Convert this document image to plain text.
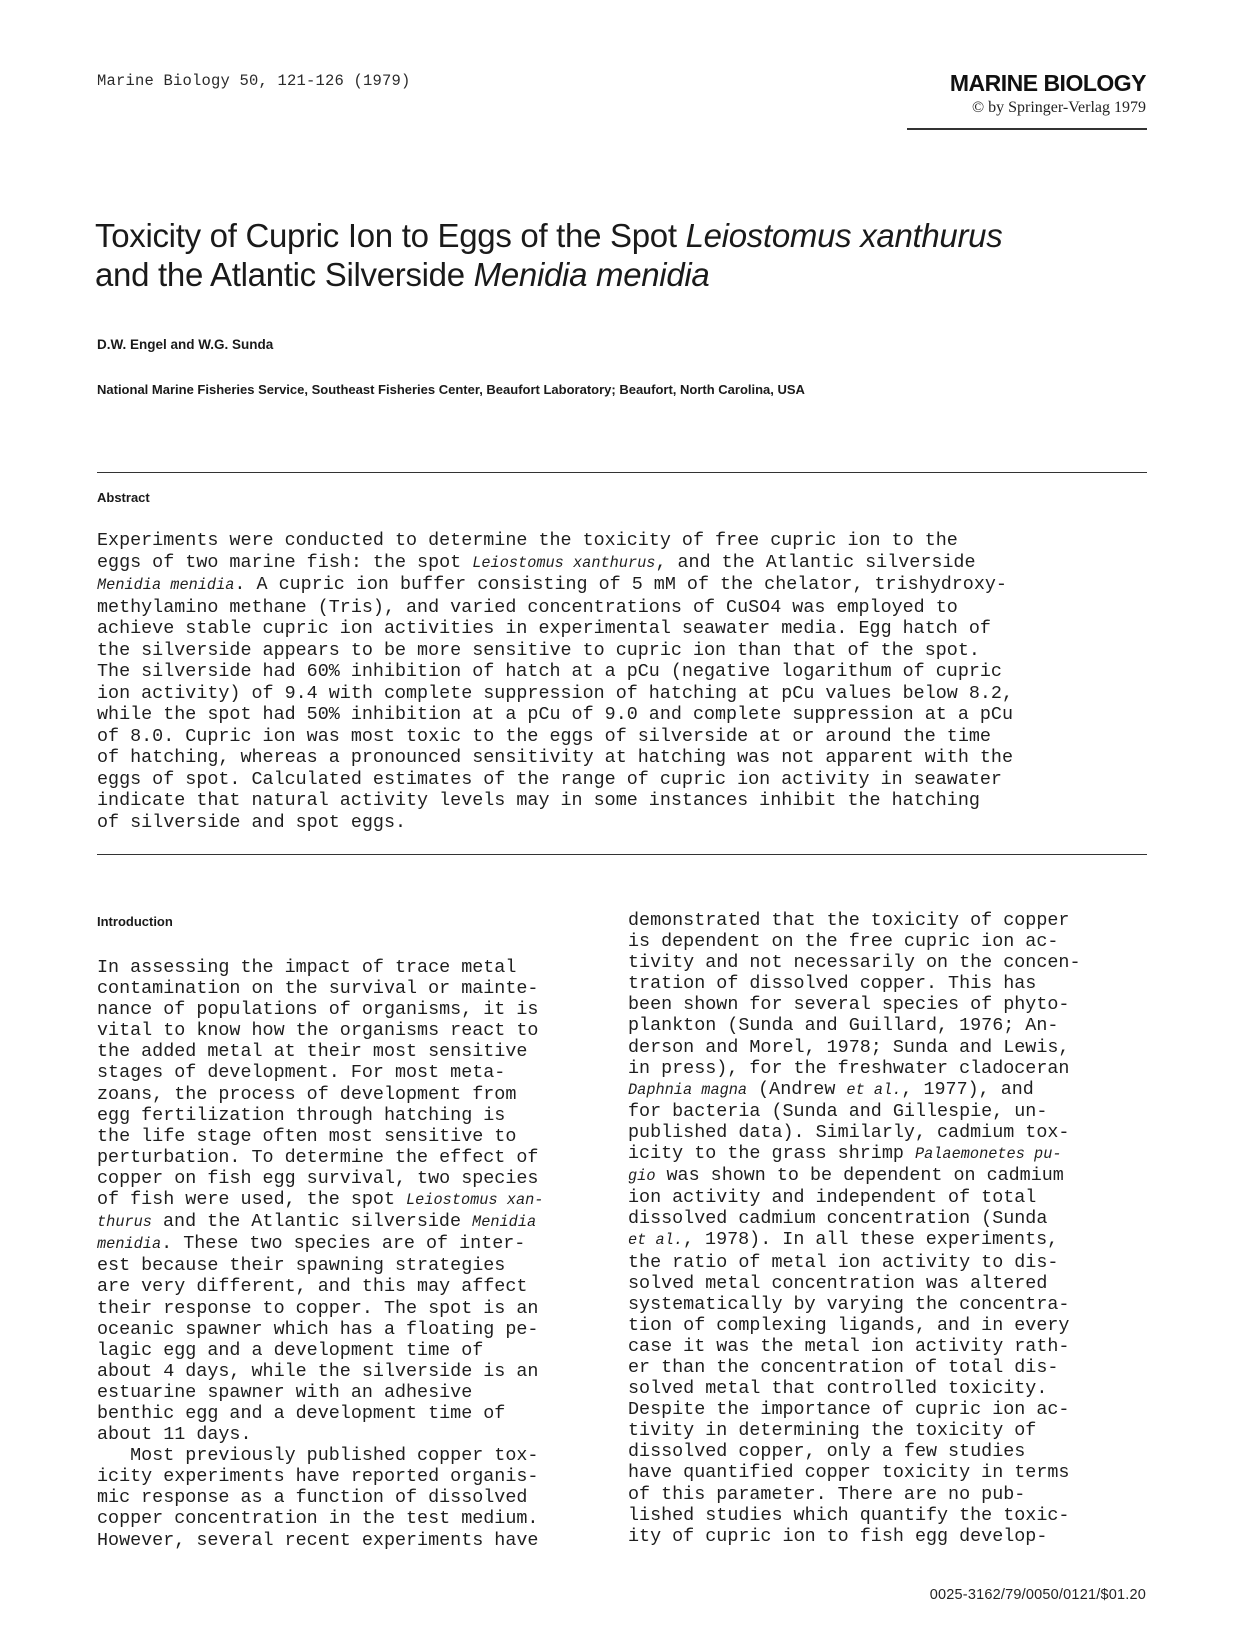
Marine Biology 50, 121-126 (1979)	MARINE BIOLOGY
© by Springer-Verlag 1979
Toxicity of Cupric Ion to Eggs of the Spot Leiostomus xanthurus
and the Atlantic Silverside Menidia menidia
D.W. Engel and W.G. Sunda
National Marine Fisheries Service, Southeast Fisheries Center, Beaufort Laboratory; Beaufort, North Carolina, USA
Abstract
Experiments were conducted to determine the toxicity of free cupric ion to the
eggs of two marine fish: the spot Leiostomus xanthurus, and the Atlantic silverside
Menidia menidia. A cupric ion buffer consisting of 5 mM of the chelator, trishydroxy-
methylamino methane (Tris), and varied concentrations of CuSO4 was employed to
achieve stable cupric ion activities in experimental seawater media. Egg hatch of
the silverside appears to be more sensitive to cupric ion than that of the spot.
The silverside had 60% inhibition of hatch at a pCu (negative logarithum of cupric
ion activity) of 9.4 with complete suppression of hatching at pCu values below 8.2,
while the spot had 50% inhibition at a pCu of 9.0 and complete suppression at a pCu
of 8.0. Cupric ion was most toxic to the eggs of silverside at or around the time
of hatching, whereas a pronounced sensitivity at hatching was not apparent with the
eggs of spot. Calculated estimates of the range of cupric ion activity in seawater
indicate that natural activity levels may in some instances inhibit the hatching
of silverside and spot eggs.
Introduction
In assessing the impact of trace metal
contamination on the survival or mainte-
nance of populations of organisms, it is
vital to know how the organisms react to
the added metal at their most sensitive
stages of development. For most meta-
zoans, the process of development from
egg fertilization through hatching is
the life stage often most sensitive to
perturbation. To determine the effect of
copper on fish egg survival, two species
of fish were used, the spot Leiostomus xan-
thurus and the Atlantic silverside Menidia
menidia. These two species are of inter-
est because their spawning strategies
are very different, and this may affect
their response to copper. The spot is an
oceanic spawner which has a floating pe-
lagic egg and a development time of
about 4 days, while the silverside is an
estuarine spawner with an adhesive
benthic egg and a development time of
about 11 days.
Most previously published copper tox-
icity experiments have reported organis-
mic response as a function of dissolved
copper concentration in the test medium.
However, several recent experiments have
demonstrated that the toxicity of copper
is dependent on the free cupric ion ac-
tivity and not necessarily on the concen-
tration of dissolved copper. This has
been shown for several species of phyto-
plankton (Sunda and Guillard, 1976; An-
derson and Morel, 1978; Sunda and Lewis,
in press), for the freshwater cladoceran
Daphnia magna (Andrew et al., 1977), and
for bacteria (Sunda and Gillespie, un-
published data). Similarly, cadmium tox-
icity to the grass shrimp Palaemonetes pu-
gio was shown to be dependent on cadmium
ion activity and independent of total
dissolved cadmium concentration (Sunda
et al., 1978). In all these experiments,
the ratio of metal ion activity to dis-
solved metal concentration was altered
systematically by varying the concentra-
tion of complexing ligands, and in every
case it was the metal ion activity rath-
er than the concentration of total dis-
solved metal that controlled toxicity.
Despite the importance of cupric ion ac-
tivity in determining the toxicity of
dissolved copper, only a few studies
have quantified copper toxicity in terms
of this parameter. There are no pub-
lished studies which quantify the toxic-
ity of cupric ion to fish egg develop-
0025-3162/79/0050/0121/$01.20
